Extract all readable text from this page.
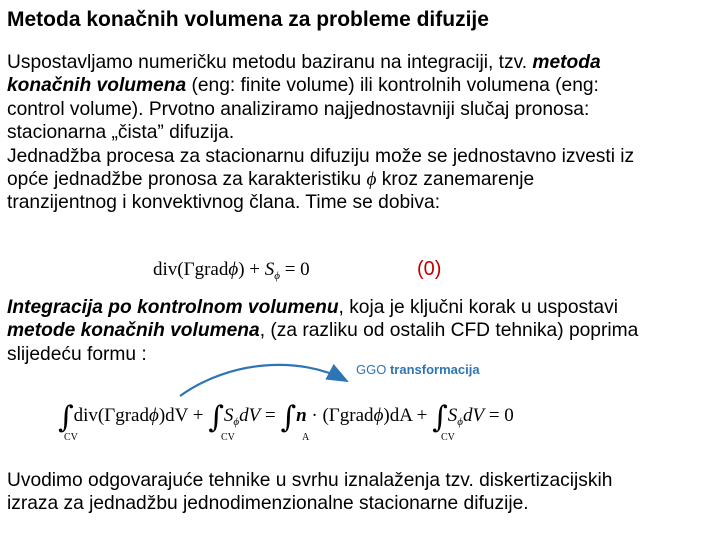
Metoda konačnih volumena za probleme difuzije
Uspostavljamo numeričku metodu baziranu na integraciji, tzv. metoda
konačnih volumena (eng: finite volume) ili kontrolnih volumena (eng:
control volume). Prvotno analiziramo najjednostavniji slučaj pronosa:
stacionarna „čista” difuzija.
Jednadžba procesa za stacionarnu difuziju može se jednostavno izvesti iz
opće jednadžbe pronosa za karakteristiku ϕ kroz zanemarenje
tranzijentnog i konvektivnog člana. Time se dobiva:
div(Γgradϕ) + $S_\phi = 0$	(0)
Integracija po kontrolnom volumenu, koja je ključni korak u uspostavi
metode konačnih volumena, (za razliku od ostalih CFD tehnika) poprima
slijedeću formu :
GGO transformacija
∫div(Γgradϕ)dV + $\int S_\phi dV = \int n$ · (Γgradϕ)dA + $\int S_\phi dV = 0$
CV	CV	A	CV
Uvodimo odgovarajuće tehnike u svrhu iznalaženja tzv. diskertizacijskih
izraza za jednadžbu jednodimenzionalne stacionarne difuzije.
